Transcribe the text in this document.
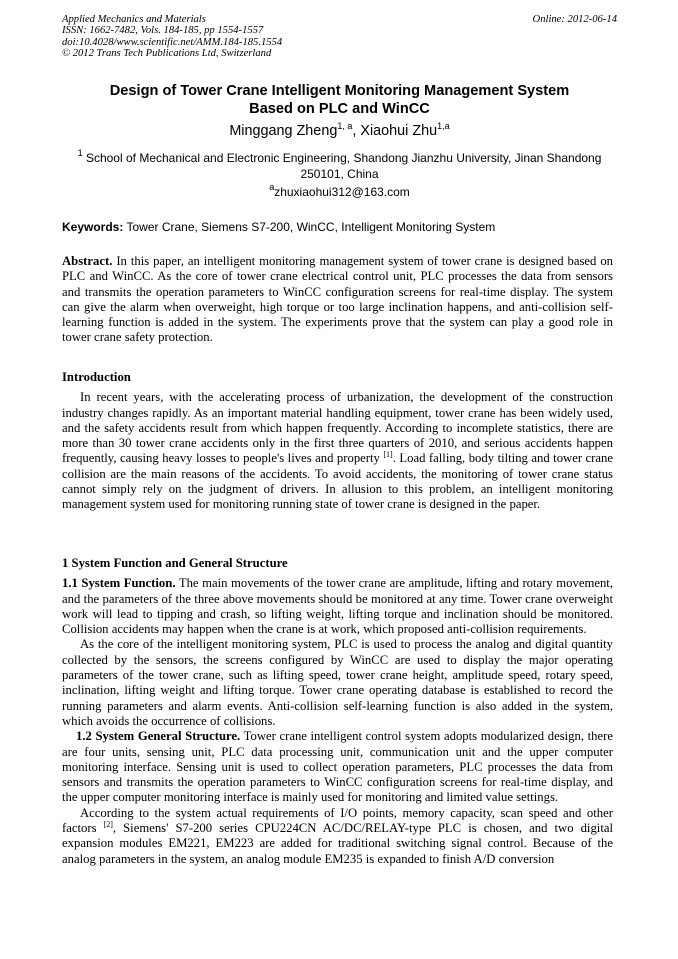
Applied Mechanics and Materials
ISSN: 1662-7482, Vols. 184-185, pp 1554-1557
doi:10.4028/www.scientific.net/AMM.184-185.1554
© 2012 Trans Tech Publications Ltd, Switzerland
Online: 2012-06-14
Design of Tower Crane Intelligent Monitoring Management System
Based on PLC and WinCC
Minggang Zheng$^{1, a}$, Xiaohui Zhu$^{1,a}$
$^1$ School of Mechanical and Electronic Engineering, Shandong Jianzhu University, Jinan Shandong 250101, China
$^a$zhuxiaohui312@163.com
Keywords: Tower Crane, Siemens S7-200, WinCC, Intelligent Monitoring System

Abstract. In this paper, an intelligent monitoring management system of tower crane is designed based on PLC and WinCC. As the core of tower crane electrical control unit, PLC processes the data from sensors and transmits the operation parameters to WinCC configuration screens for real-time display. The system can give the alarm when overweight, high torque or too large inclination happens, and anti-collision self-learning function is added in the system. The experiments prove that the system can play a good role in tower crane safety protection.

Introduction

In recent years, with the accelerating process of urbanization, the development of the construction industry changes rapidly. As an important material handling equipment, tower crane has been widely used, and the safety accidents result from which happen frequently. According to incomplete statistics, there are more than 30 tower crane accidents only in the first three quarters of 2010, and serious accidents happen frequently, causing heavy losses to people's lives and property [1]. Load falling, body tilting and tower crane collision are the main reasons of the accidents. To avoid accidents, the monitoring of tower crane status cannot simply rely on the judgment of drivers. In allusion to this problem, an intelligent monitoring management system used for monitoring running state of tower crane is designed in the paper.

1 System Function and General Structure

1.1 System Function. The main movements of the tower crane are amplitude, lifting and rotary movement, and the parameters of the three above movements should be monitored at any time. Tower crane overweight work will lead to tipping and crash, so lifting weight, lifting torque and inclination should be monitored. Collision accidents may happen when the crane is at work, which proposed anti-collision requirements.

As the core of the intelligent monitoring system, PLC is used to process the analog and digital quantity collected by the sensors, the screens configured by WinCC are used to display the major operating parameters of the tower crane, such as lifting speed, tower crane height, amplitude speed, rotary speed, inclination, lifting weight and lifting torque. Tower crane operating database is established to record the running parameters and alarm events. Anti-collision self-learning function is also added in the system, which avoids the occurrence of collisions.

1.2 System General Structure. Tower crane intelligent control system adopts modularized design, there are four units, sensing unit, PLC data processing unit, communication unit and the upper computer monitoring interface. Sensing unit is used to collect operation parameters, PLC processes the data from sensors and transmits the operation parameters to WinCC configuration screens for real-time display, and the upper computer monitoring interface is mainly used for monitoring and limited value settings.

According to the system actual requirements of I/O points, memory capacity, scan speed and other factors [2], Siemens' S7-200 series CPU224CN AC/DC/RELAY-type PLC is chosen, and two digital expansion modules EM221, EM223 are added for traditional switching signal control. Because of the analog parameters in the system, an analog module EM235 is expanded to finish A/D conversion
